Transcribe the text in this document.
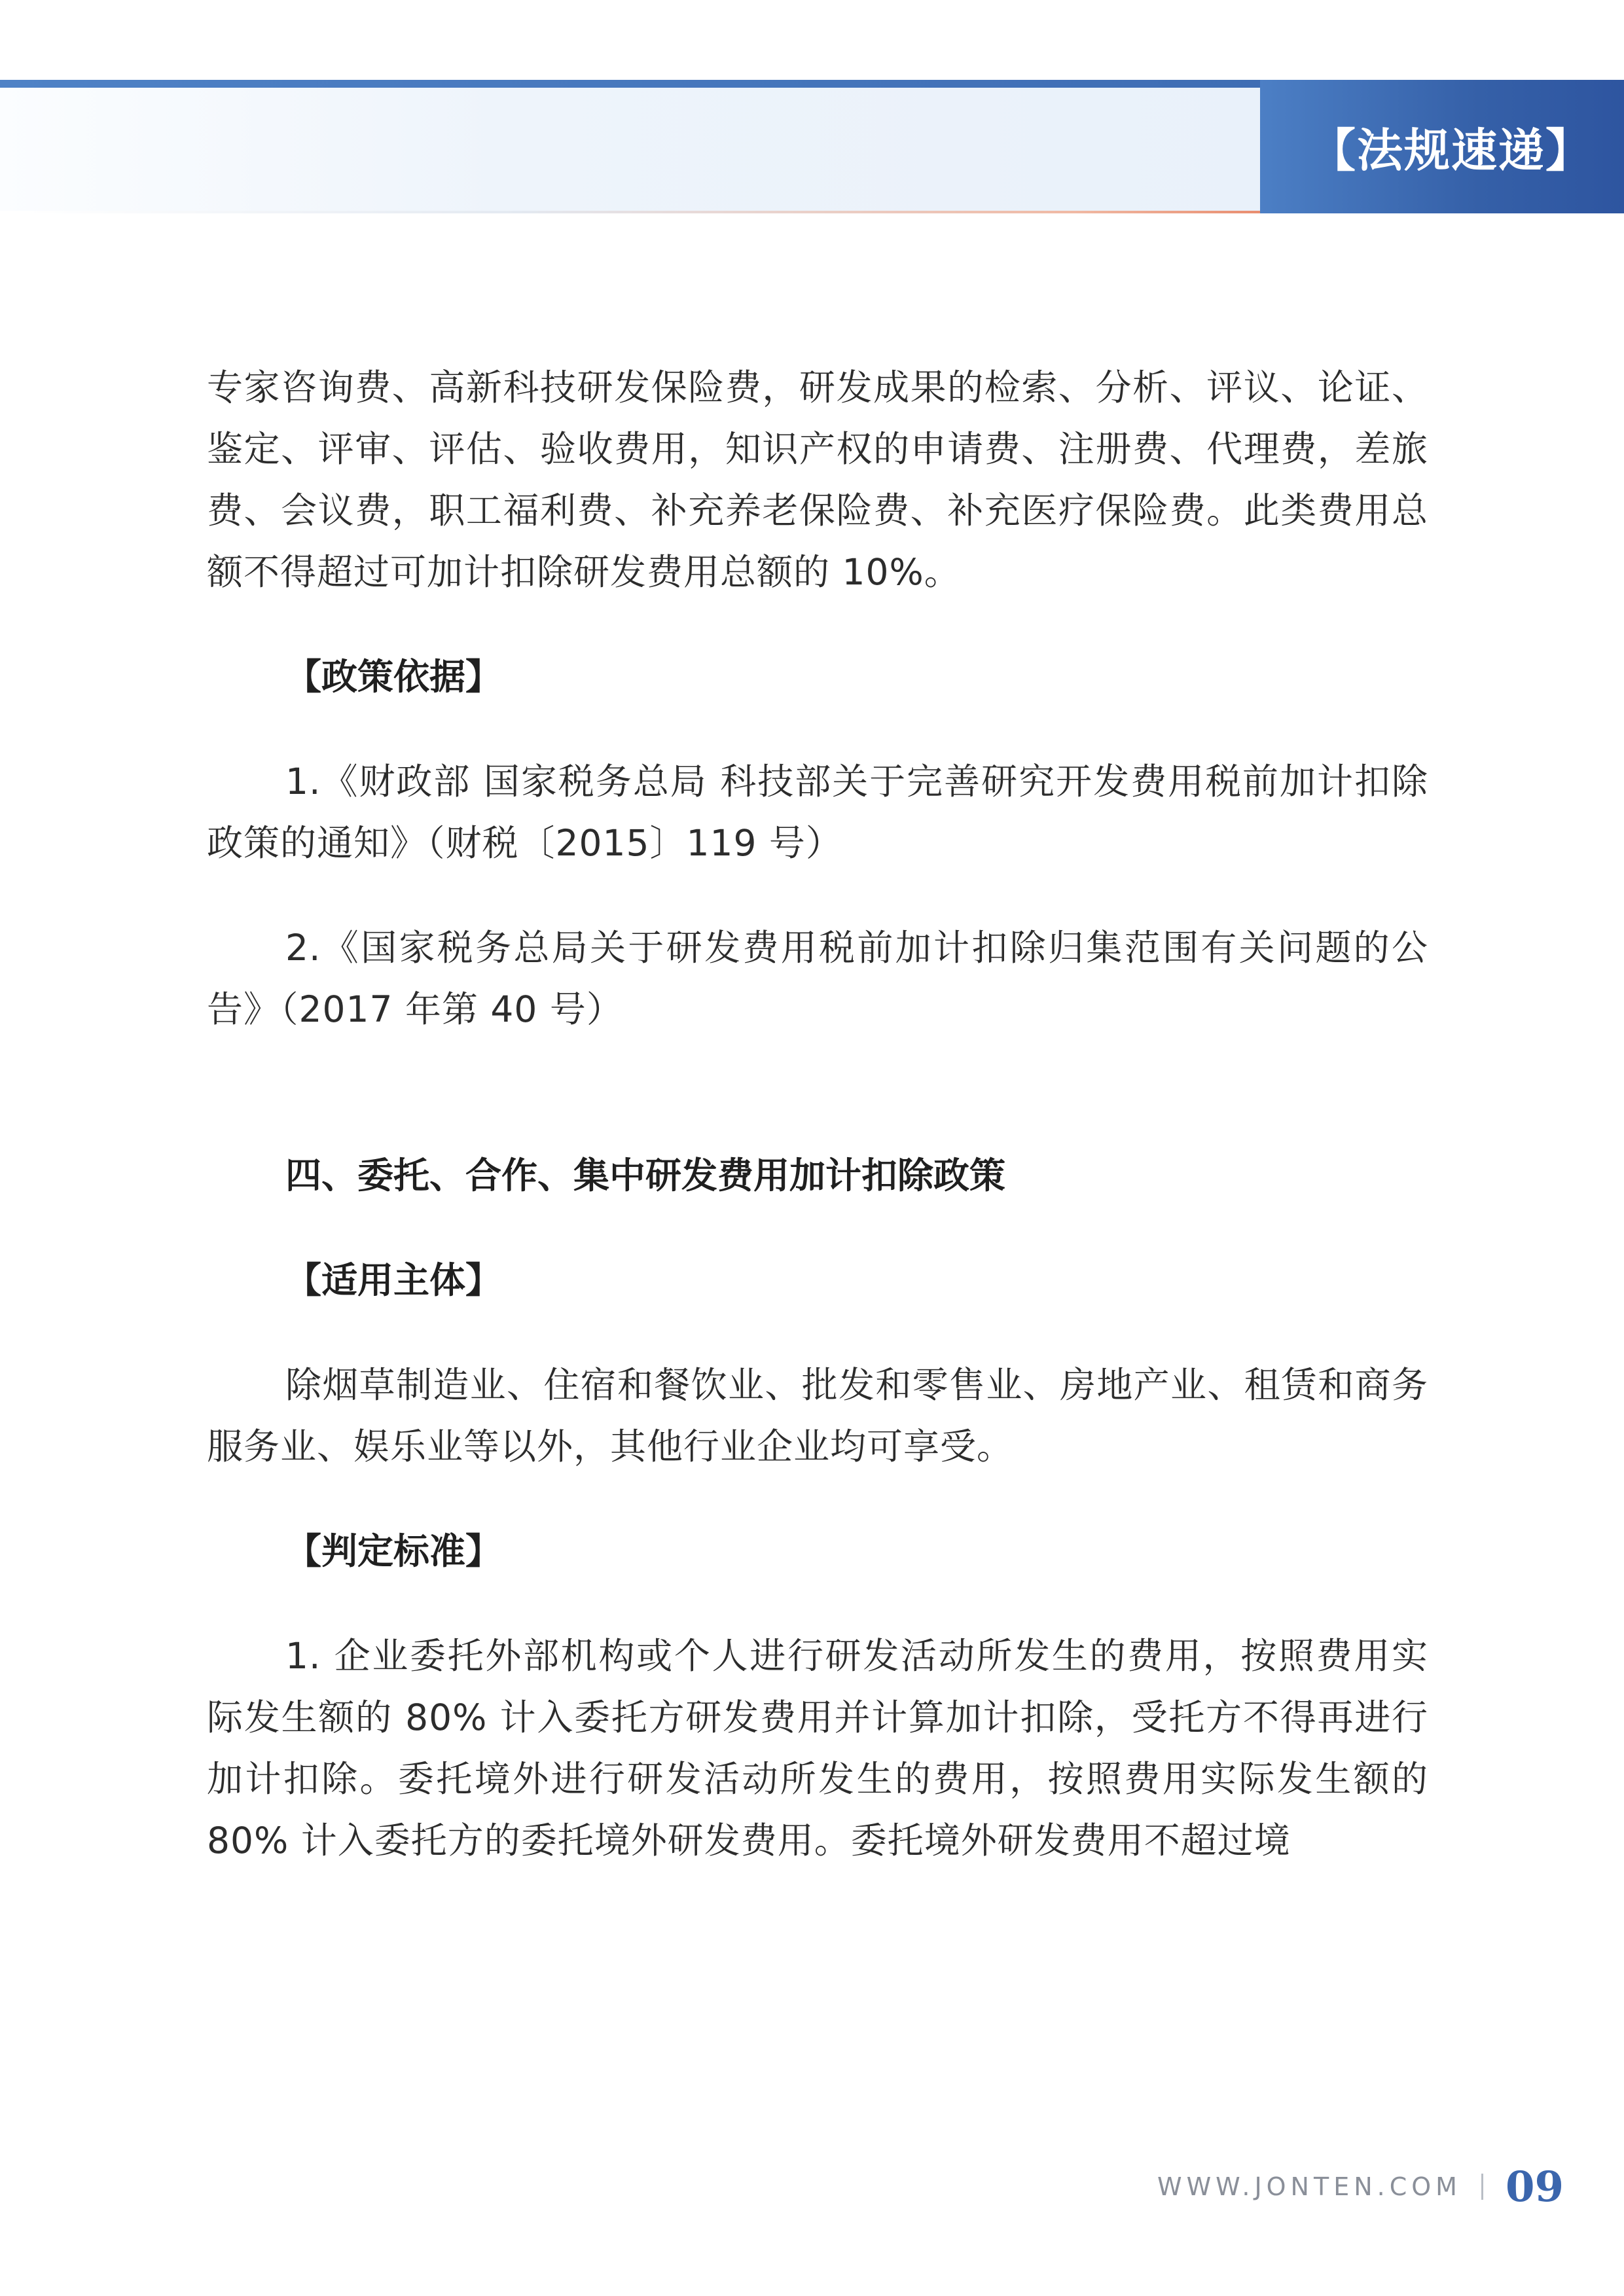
【法规速递】

专家咨询费、高新科技研发保险费，研发成果的检索、分析、评议、论证、鉴定、评审、评估、验收费用，知识产权的申请费、注册费、代理费，差旅费、会议费，职工福利费、补充养老保险费、补充医疗保险费。此类费用总额不得超过可加计扣除研发费用总额的 10%。

【政策依据】

1.《财政部 国家税务总局 科技部关于完善研究开发费用税前加计扣除政策的通知》（财税〔2015〕119 号）

2.《国家税务总局关于研发费用税前加计扣除归集范围有关问题的公告》（2017 年第 40 号）

四、委托、合作、集中研发费用加计扣除政策

【适用主体】

除烟草制造业、住宿和餐饮业、批发和零售业、房地产业、租赁和商务服务业、娱乐业等以外，其他行业企业均可享受。

【判定标准】

1. 企业委托外部机构或个人进行研发活动所发生的费用，按照费用实际发生额的 80% 计入委托方研发费用并计算加计扣除，受托方不得再进行加计扣除。委托境外进行研发活动所发生的费用，按照费用实际发生额的 80% 计入委托方的委托境外研发费用。委托境外研发费用不超过境

WWW.JONTEN.COM 09
